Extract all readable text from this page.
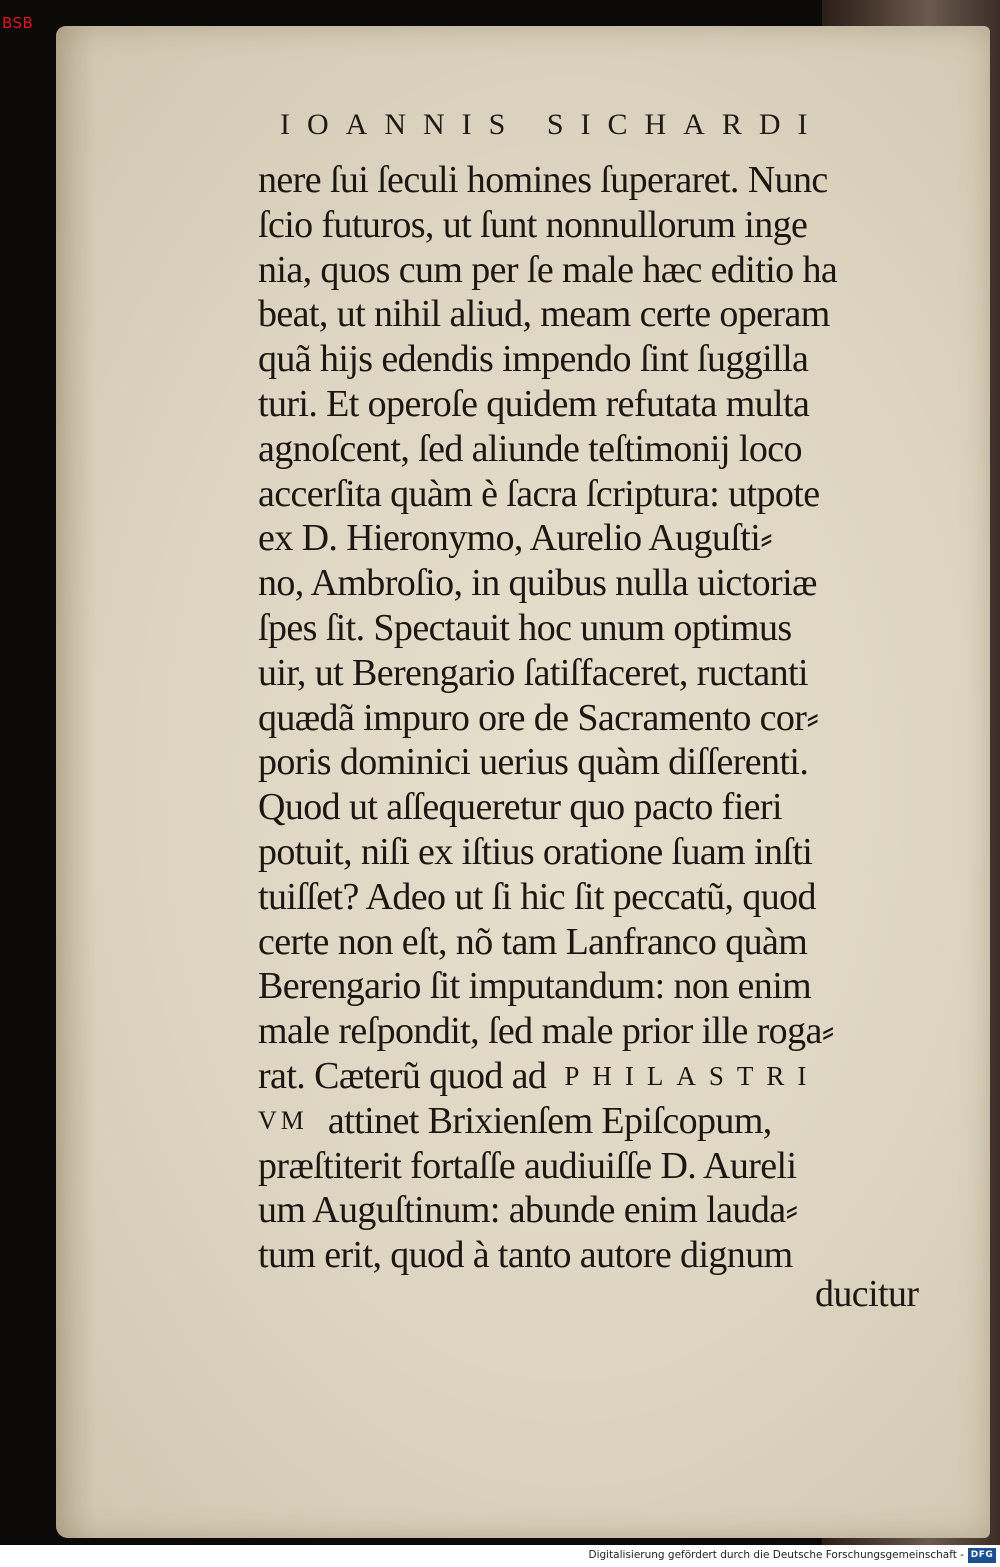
BSB
IOANNIS SICHARDI
nere ſui ſeculi homines ſuperaret. Nunc
ſcio futuros, ut ſunt nonnullorum inge
nia, quos cum per ſe male hæc editio ha
beat, ut nihil aliud, meam certe operam
quã hijs edendis impendo ſint ſuggilla
turi. Et operoſe quidem refutata multa
agnoſcent, ſed aliunde teſtimonij loco
accerſita quàm è ſacra ſcriptura: utpote
ex D. Hieronymo, Aurelio Auguſti⸗
no, Ambroſio, in quibus nulla uictoriæ
ſpes ſit. Spectauit hoc unum optimus
uir, ut Berengario ſatiſfaceret, ructanti
quædã impuro ore de Sacramento cor⸗
poris dominici uerius quàm diſſerenti.
Quod ut aſſequeretur quo pacto fieri
potuit, niſi ex iſtius oratione ſuam inſti
tuiſſet? Adeo ut ſi hic ſit peccatũ, quod
certe non eſt, nõ tam Lanfranco quàm
Berengario ſit imputandum: non enim
male reſpondit, ſed male prior ille roga⸗
rat. Cæterũ quod ad PHILASTRI
VM attinet Brixienſem Epiſcopum,
præſtiterit fortaſſe audiuiſſe D. Aureli
um Auguſtinum: abunde enim lauda⸗
tum erit, quod à tanto autore dignum
ducitur
Digitalisierung gefördert durch die Deutsche Forschungsgemeinschaft - DFG
